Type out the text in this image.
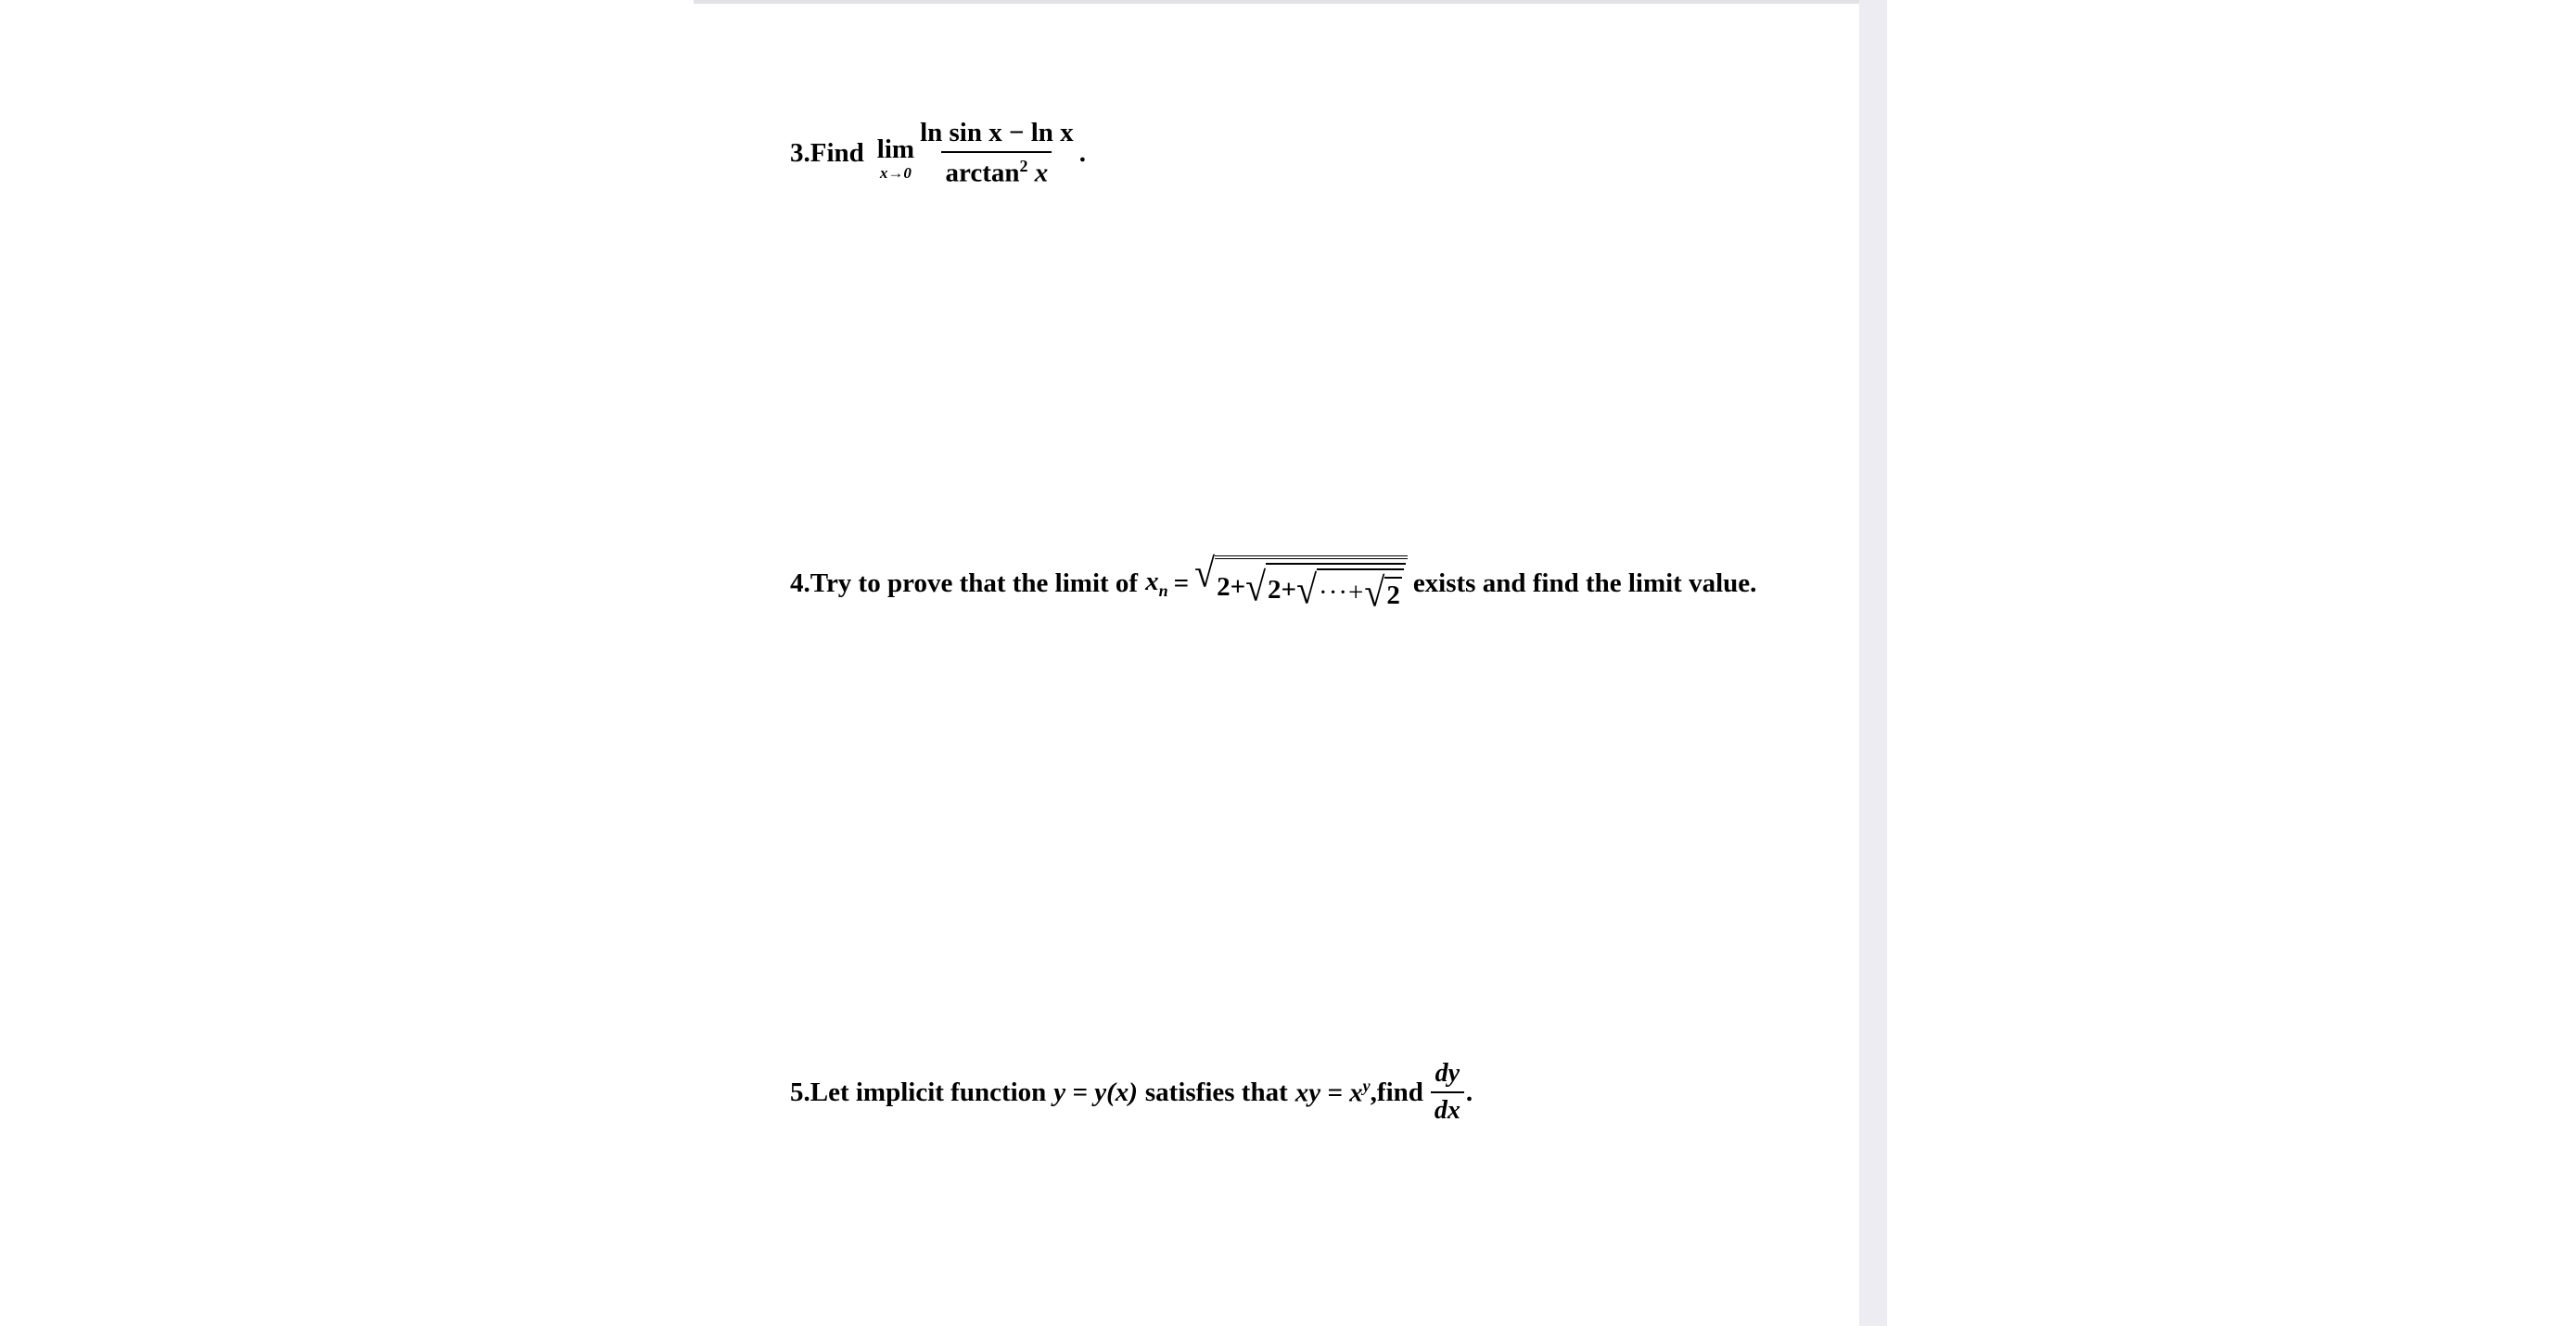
3.Find lim
$x\to 0 \frac{\text{ln sin x − ln x}}{\arctan^2 x}$ .
4.Try to prove that the limit of $x_n$ = √ 2+ √ 2+ √ ···+ √ 2 exists and find the limit value.
5.Let implicit function y = y(x) satisfies that xy = $x^y$ ,find $\frac{dy}{dx}$ .
